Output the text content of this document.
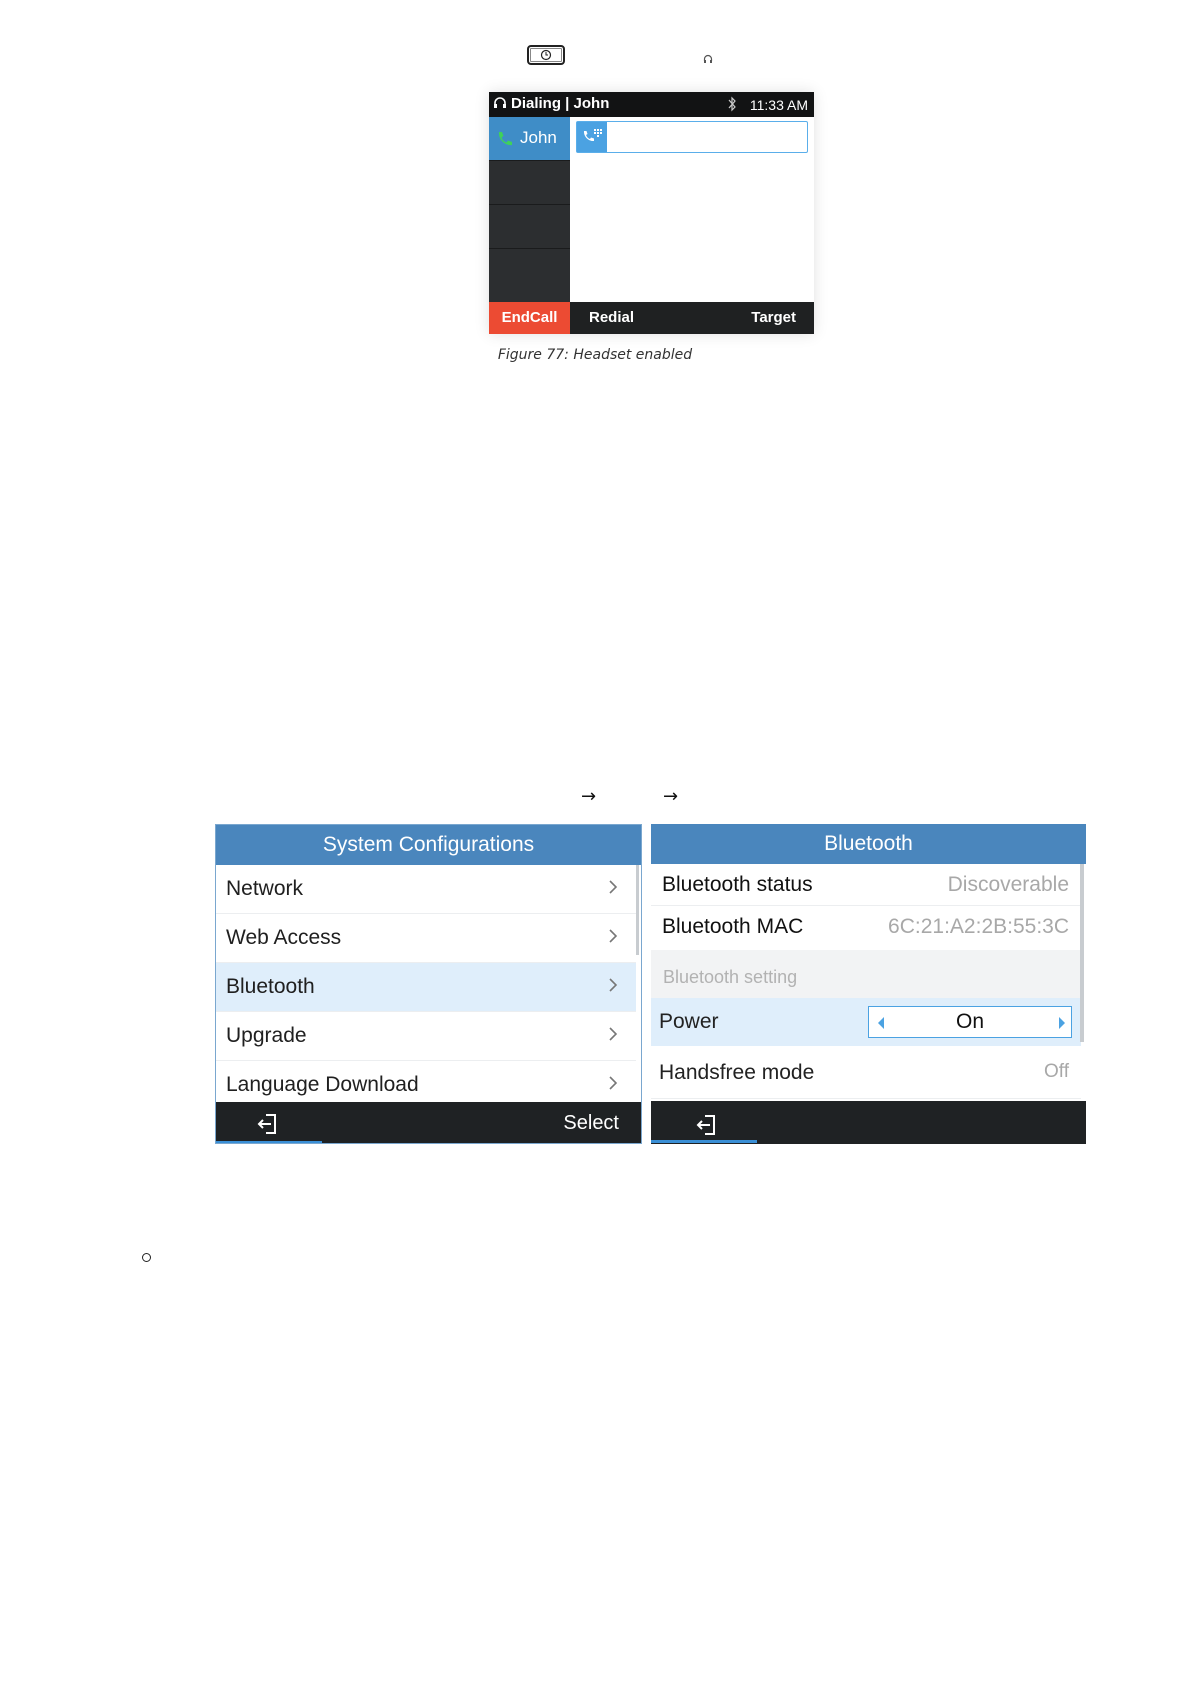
Dialing | John	11:33 AM
John
EndCall	Redial	Target
Figure 77: Headset enabled
→	→
System Configurations
Network
Web Access
Bluetooth
Upgrade
Language Download
Select
Bluetooth
Bluetooth status	Discoverable
Bluetooth MAC	6C:21:A2:2B:55:3C
Bluetooth setting
Power	On
Handsfree mode	Off
